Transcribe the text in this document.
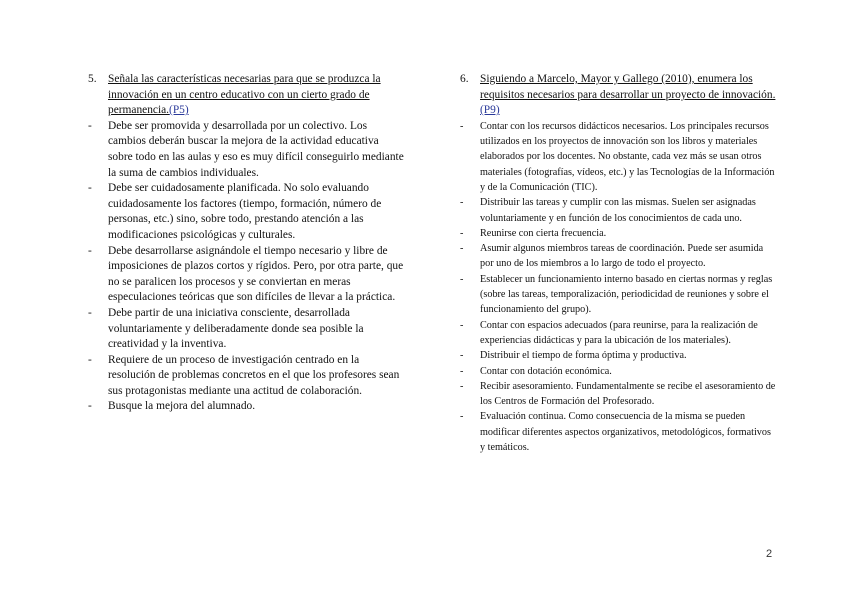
5.	Señala las características necesarias para que se produzca la innovación en un centro educativo con un cierto grado de permanencia.(P5)
-	Debe ser promovida y desarrollada por un colectivo. Los cambios deberán buscar la mejora de la actividad educativa sobre todo en las aulas y eso es muy difícil conseguirlo mediante la suma de cambios individuales.
-	Debe ser cuidadosamente planificada. No solo evaluando cuidadosamente los factores (tiempo, formación, número de personas, etc.) sino, sobre todo, prestando atención a las modificaciones psicológicas y culturales.
-	Debe desarrollarse asignándole el tiempo necesario y libre de imposiciones de plazos cortos y rígidos. Pero, por otra parte, que no se paralicen los procesos y se conviertan en meras especulaciones teóricas que son difíciles de llevar a la práctica.
-	Debe partir de una iniciativa consciente, desarrollada voluntariamente y deliberadamente donde sea posible la creatividad y la inventiva.
-	Requiere de un proceso de investigación centrado en la resolución de problemas concretos en el que los profesores sean sus protagonistas mediante una actitud de colaboración.
-	Busque la mejora del alumnado.
6.	Siguiendo a Marcelo, Mayor y Gallego (2010), enumera los requisitos necesarios para desarrollar un proyecto de innovación. (P9)
-	Contar con los recursos didácticos necesarios. Los principales recursos utilizados en los proyectos de innovación son los libros y materiales elaborados por los docentes. No obstante, cada vez más se usan otros materiales (fotografías, vídeos, etc.) y las Tecnologías de la Información y de la Comunicación (TIC).
-	Distribuir las tareas y cumplir con las mismas. Suelen ser asignadas voluntariamente y en función de los conocimientos de cada uno.
-	Reunirse con cierta frecuencia.
-	Asumir algunos miembros tareas de coordinación. Puede ser asumida por uno de los miembros a lo largo de todo el proyecto.
-	Establecer un funcionamiento interno basado en ciertas normas y reglas (sobre las tareas, temporalización, periodicidad de reuniones y sobre el funcionamiento del grupo).
-	Contar con espacios adecuados (para reunirse, para la realización de experiencias didácticas y para la ubicación de los materiales).
-	Distribuir el tiempo de forma óptima y productiva.
-	Contar con dotación económica.
-	Recibir asesoramiento. Fundamentalmente se recibe el asesoramiento de los Centros de Formación del Profesorado.
-	Evaluación continua. Como consecuencia de la misma se pueden modificar diferentes aspectos organizativos, metodológicos, formativos y temáticos.
2
